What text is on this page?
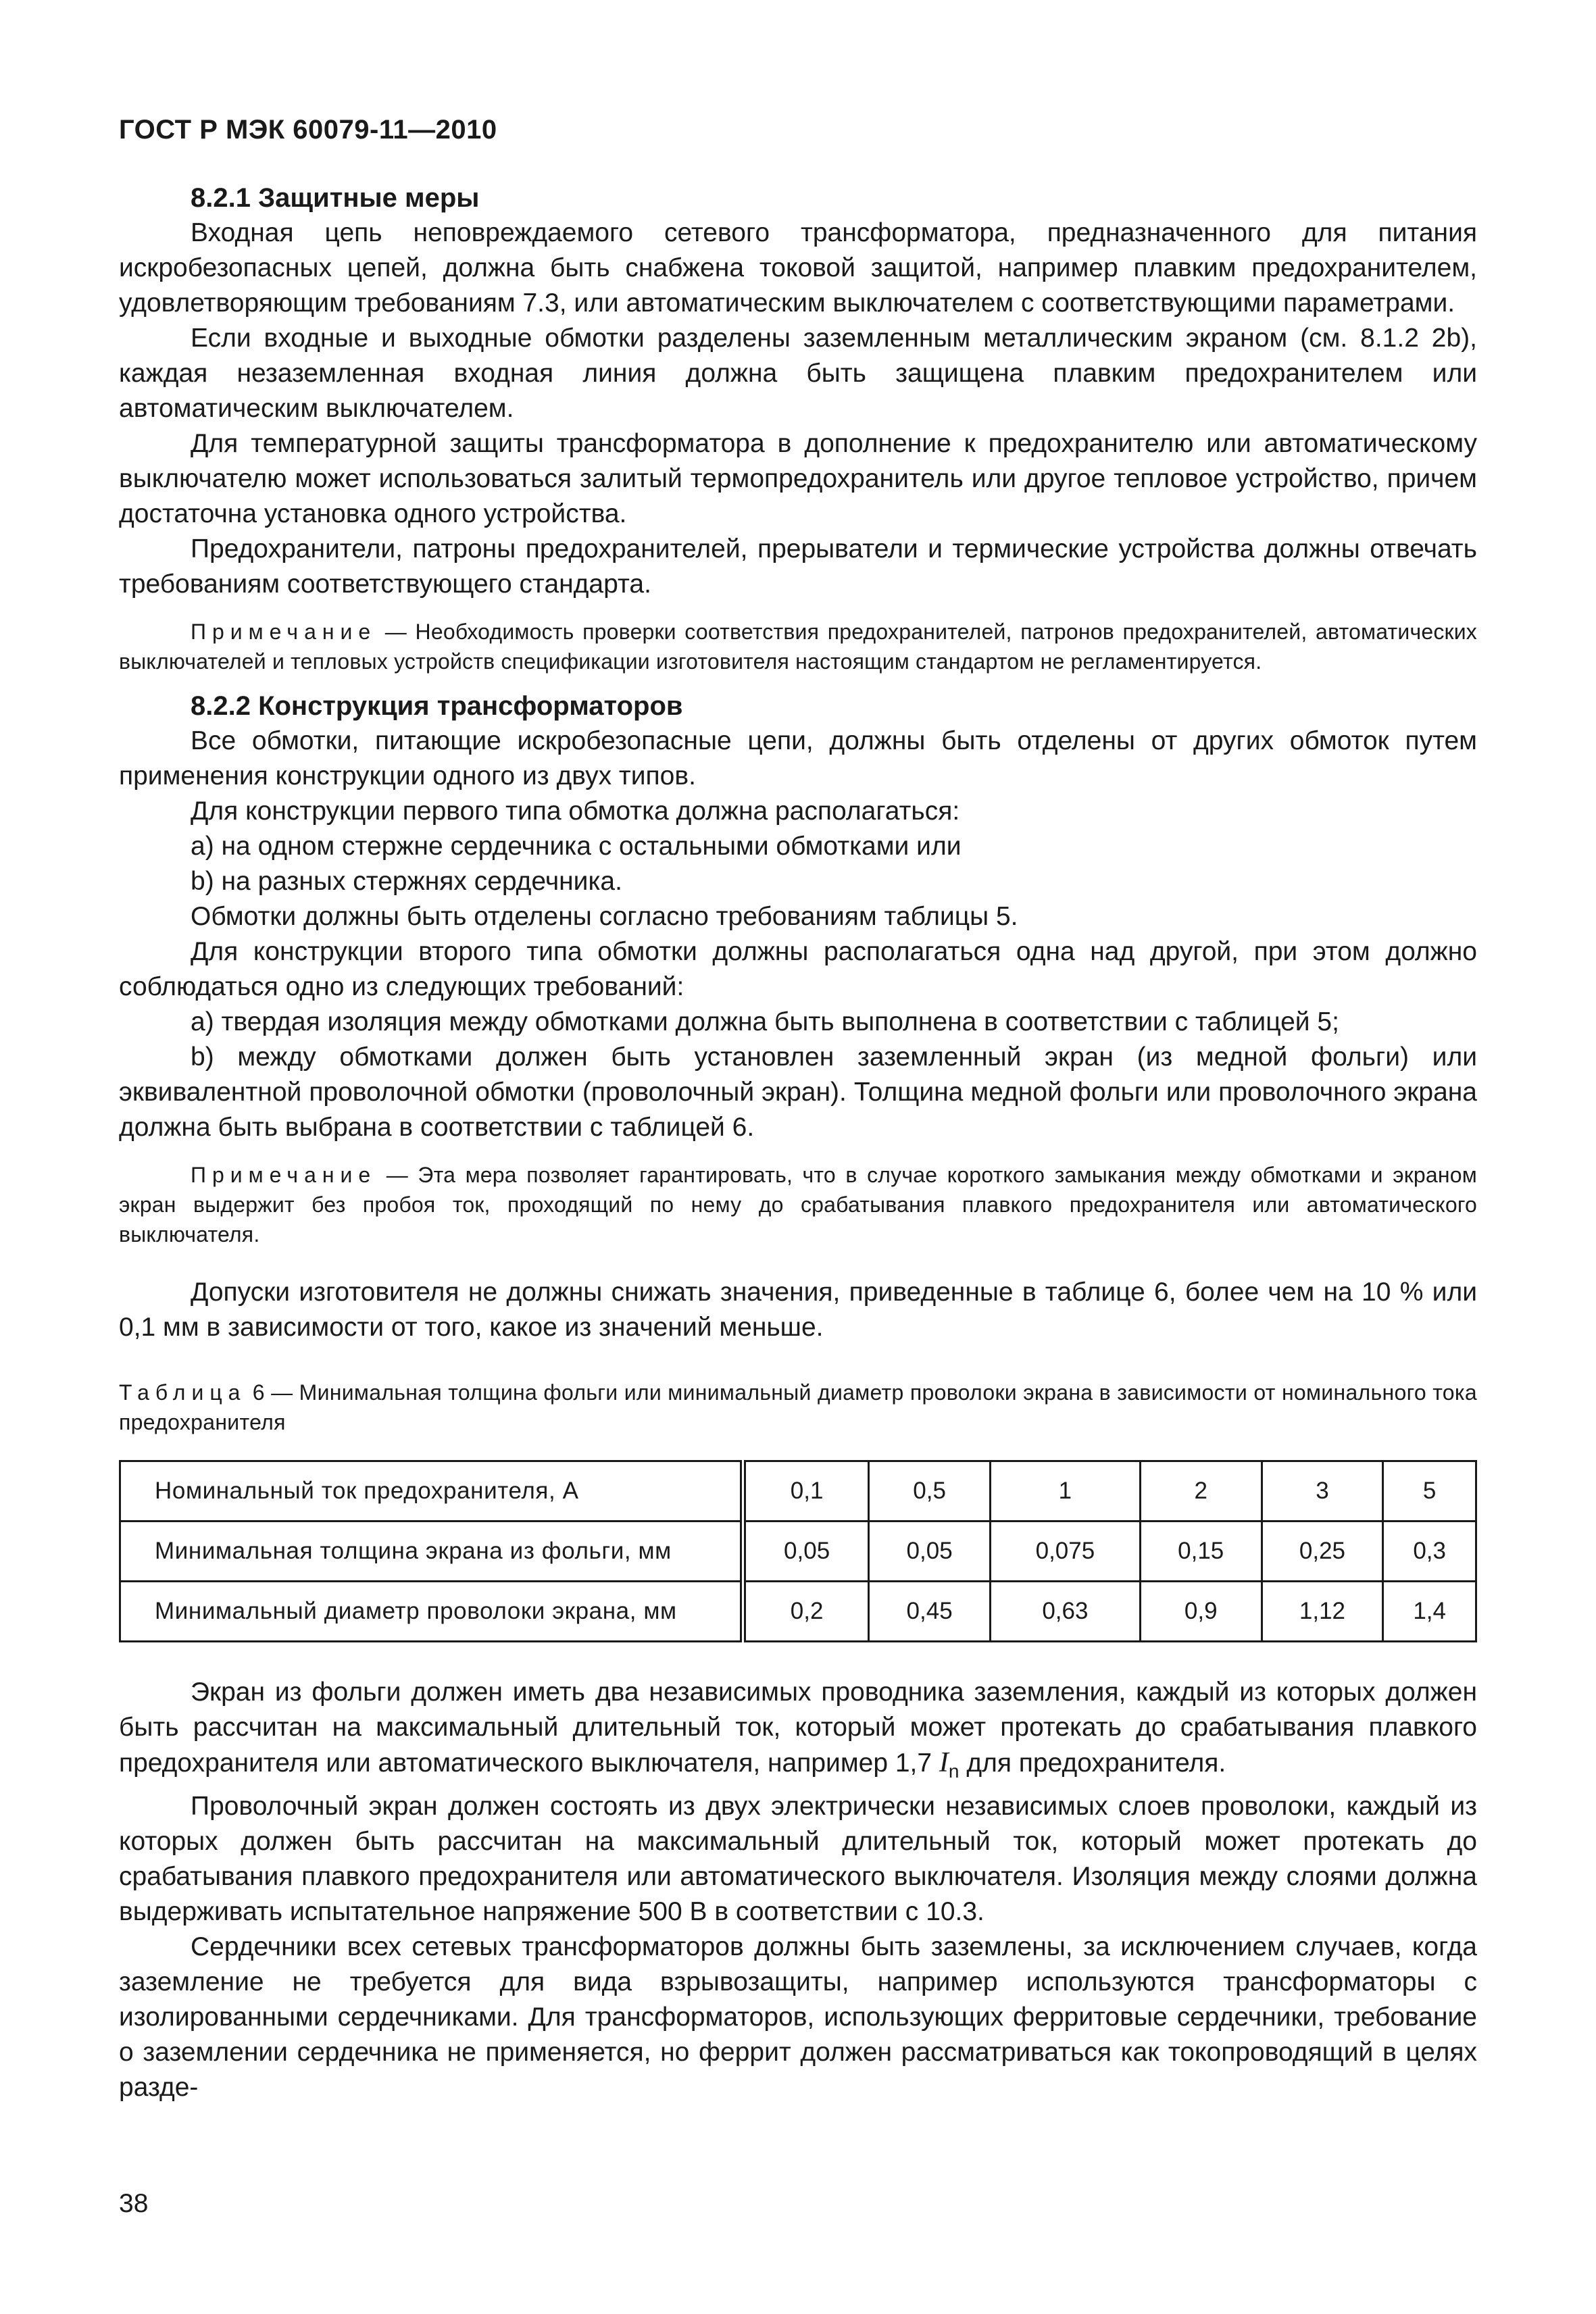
ГОСТ Р МЭК 60079-11—2010
8.2.1 Защитные меры

Входная цепь неповреждаемого сетевого трансформатора, предназначенного для питания искробезопасных цепей, должна быть снабжена токовой защитой, например плавким предохранителем, удовлетворяющим требованиям 7.3, или автоматическим выключателем с соответствующими параметрами.

Если входные и выходные обмотки разделены заземленным металлическим экраном (см. 8.1.2 2b), каждая незаземленная входная линия должна быть защищена плавким предохранителем или автоматическим выключателем.

Для температурной защиты трансформатора в дополнение к предохранителю или автоматическому выключателю может использоваться залитый термопредохранитель или другое тепловое устройство, причем достаточна установка одного устройства.

Предохранители, патроны предохранителей, прерыватели и термические устройства должны отвечать требованиям соответствующего стандарта.

Примечание — Необходимость проверки соответствия предохранителей, патронов предохранителей, автоматических выключателей и тепловых устройств спецификации изготовителя настоящим стандартом не регламентируется.

8.2.2 Конструкция трансформаторов

Все обмотки, питающие искробезопасные цепи, должны быть отделены от других обмоток путем применения конструкции одного из двух типов.

Для конструкции первого типа обмотка должна располагаться:

a) на одном стержне сердечника с остальными обмотками или

b) на разных стержнях сердечника.

Обмотки должны быть отделены согласно требованиям таблицы 5.

Для конструкции второго типа обмотки должны располагаться одна над другой, при этом должно соблюдаться одно из следующих требований:

a) твердая изоляция между обмотками должна быть выполнена в соответствии с таблицей 5;

b) между обмотками должен быть установлен заземленный экран (из медной фольги) или эквивалентной проволочной обмотки (проволочный экран). Толщина медной фольги или проволочного экрана должна быть выбрана в соответствии с таблицей 6.

Примечание — Эта мера позволяет гарантировать, что в случае короткого замыкания между обмотками и экраном экран выдержит без пробоя ток, проходящий по нему до срабатывания плавкого предохранителя или автоматического выключателя.

Допуски изготовителя не должны снижать значения, приведенные в таблице 6, более чем на 10 % или 0,1 мм в зависимости от того, какое из значений меньше.

Таблица 6 — Минимальная толщина фольги или минимальный диаметр проволоки экрана в зависимости от номинального тока предохранителя
Номинальный ток предохранителя, А	0,1	0,5	1	2	3	5
Минимальная толщина экрана из фольги, мм	0,05	0,05	0,075	0,15	0,25	0,3
Минимальный диаметр проволоки экрана, мм	0,2	0,45	0,63	0,9	1,12	1,4

Экран из фольги должен иметь два независимых проводника заземления, каждый из которых должен быть рассчитан на максимальный длительный ток, который может протекать до срабатывания плавкого предохранителя или автоматического выключателя, например 1,7 $I_n$ для предохранителя.

Проволочный экран должен состоять из двух электрически независимых слоев проволоки, каждый из которых должен быть рассчитан на максимальный длительный ток, который может протекать до срабатывания плавкого предохранителя или автоматического выключателя. Изоляция между слоями должна выдерживать испытательное напряжение 500 В в соответствии с 10.3.

Сердечники всех сетевых трансформаторов должны быть заземлены, за исключением случаев, когда заземление не требуется для вида взрывозащиты, например используются трансформаторы с изолированными сердечниками. Для трансформаторов, использующих ферритовые сердечники, требование о заземлении сердечника не применяется, но феррит должен рассматриваться как токопроводящий в целях разде-

38
